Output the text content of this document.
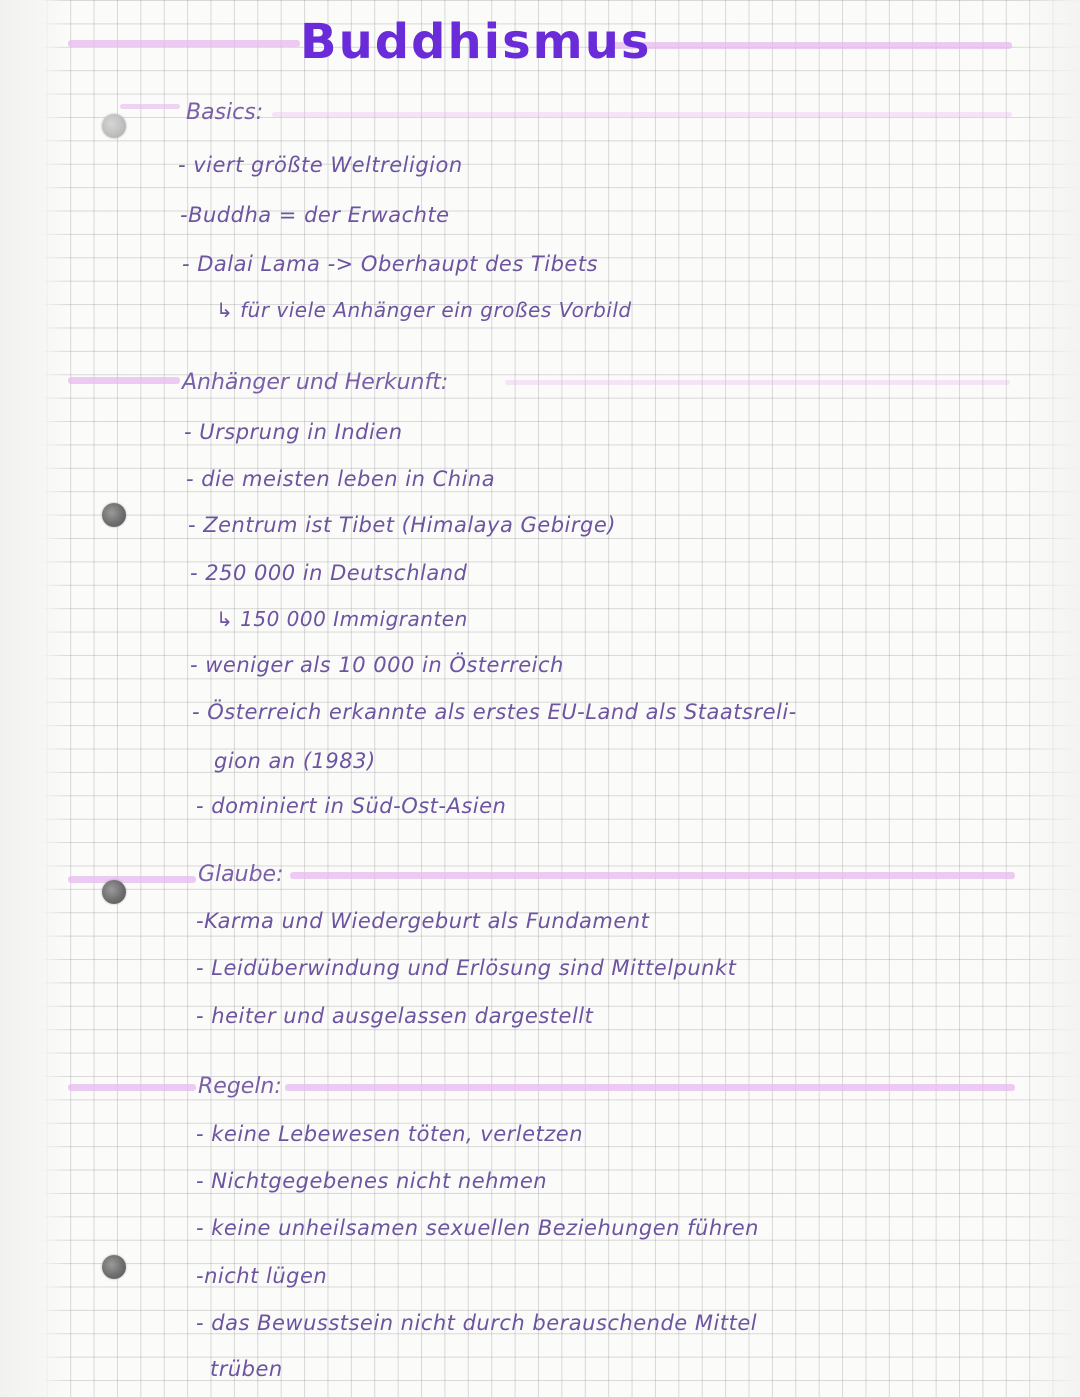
Buddhismus
Basics:
- viert größte Weltreligion
-Buddha = der Erwachte
- Dalai Lama -> Oberhaupt des Tibets
↳ für viele Anhänger ein großes Vorbild
Anhänger und Herkunft:
- Ursprung in Indien
- die meisten leben in China
- Zentrum ist Tibet (Himalaya Gebirge)
- 250 000 in Deutschland
↳ 150 000 Immigranten
- weniger als 10 000 in Österreich
- Österreich erkannte als erstes EU-Land als Staatsreli-
gion an (1983)
- dominiert in Süd-Ost-Asien
Glaube:
-Karma und Wiedergeburt als Fundament
- Leidüberwindung und Erlösung sind Mittelpunkt
- heiter und ausgelassen dargestellt
Regeln:
- keine Lebewesen töten, verletzen
- Nichtgegebenes nicht nehmen
- keine unheilsamen sexuellen Beziehungen führen
-nicht lügen
- das Bewusstsein nicht durch berauschende Mittel
trüben
